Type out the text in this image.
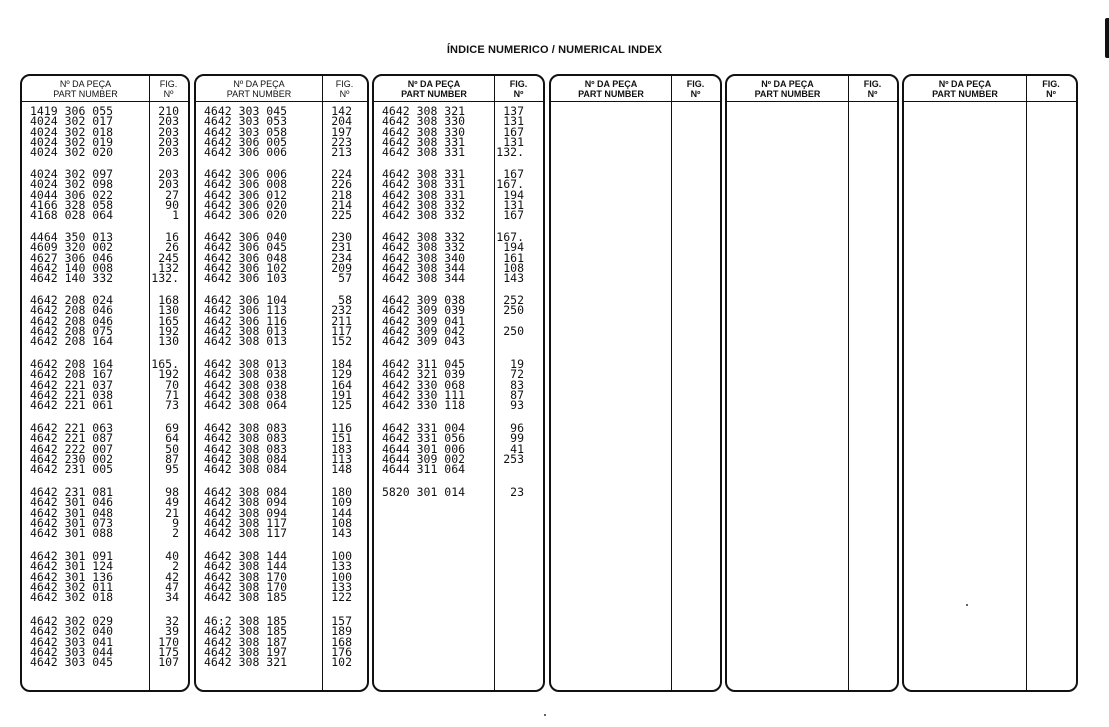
ÍNDICE NUMERICO / NUMERICAL INDEX
Nº DA PEÇA
PART NUMBER
FIG.
Nº
1419 306 055	210
4024 302 017	203
4024 302 018	203
4024 302 019	203
4024 302 020	203
4024 302 097	203
4024 302 098	203
4044 306 022	27
4166 328 058	90
4168 028 064	1
4464 350 013	16
4609 320 002	26
4627 306 046	245
4642 140 008	132
4642 140 332	132.
4642 208 024	168
4642 208 046	130
4642 208 046	165
4642 208 075	192
4642 208 164	130
4642 208 164	165.
4642 208 167	192
4642 221 037	70
4642 221 038	71
4642 221 061	73
4642 221 063	69
4642 221 087	64
4642 222 007	50
4642 230 002	87
4642 231 005	95
4642 231 081	98
4642 301 046	49
4642 301 048	21
4642 301 073	9
4642 301 088	2
4642 301 091	40
4642 301 124	2
4642 301 136	42
4642 302 011	47
4642 302 018	34
4642 302 029	32
4642 302 040	39
4642 303 041	170
4642 303 044	175
4642 303 045	107
Nº DA PEÇA
PART NUMBER
FIG.
Nº
4642 303 045	142
4642 303 053	204
4642 303 058	197
4642 306 005	223
4642 306 006	213
4642 306 006	224
4642 306 008	226
4642 306 012	218
4642 306 020	214
4642 306 020	225
4642 306 040	230
4642 306 045	231
4642 306 048	234
4642 306 102	209
4642 306 103	57
4642 306 104	58
4642 306 113	232
4642 306 116	211
4642 308 013	117
4642 308 013	152
4642 308 013	184
4642 308 038	129
4642 308 038	164
4642 308 038	191
4642 308 064	125
4642 308 083	116
4642 308 083	151
4642 308 083	183
4642 308 084	113
4642 308 084	148
4642 308 084	180
4642 308 094	109
4642 308 094	144
4642 308 117	108
4642 308 117	143
4642 308 144	100
4642 308 144	133
4642 308 170	100
4642 308 170	133
4642 308 185	122
46:2 308 185	157
4642 308 185	189
4642 308 187	168
4642 308 197	176
4642 308 321	102
Nº DA PEÇA
PART NUMBER
FIG.
Nº
4642 308 321	137
4642 308 330	131
4642 308 330	167
4642 308 331	131
4642 308 331	132.
4642 308 331	167
4642 308 331	167.
4642 308 331	194
4642 308 332	131
4642 308 332	167
4642 308 332	167.
4642 308 332	194
4642 308 340	161
4642 308 344	108
4642 308 344	143
4642 309 038	252
4642 309 039	250
4642 309 041
4642 309 042	250
4642 309 043
4642 311 045	19
4642 321 039	72
4642 330 068	83
4642 330 111	87
4642 330 118	93
4642 331 004	96
4642 331 056	99
4644 301 006	41
4644 309 002	253
4644 311 064
5820 301 014	23
Nº DA PEÇA
PART NUMBER
FIG.
Nº
Nº DA PEÇA
PART NUMBER
FIG.
Nº
Nº DA PEÇA
PART NUMBER
FIG.
Nº
